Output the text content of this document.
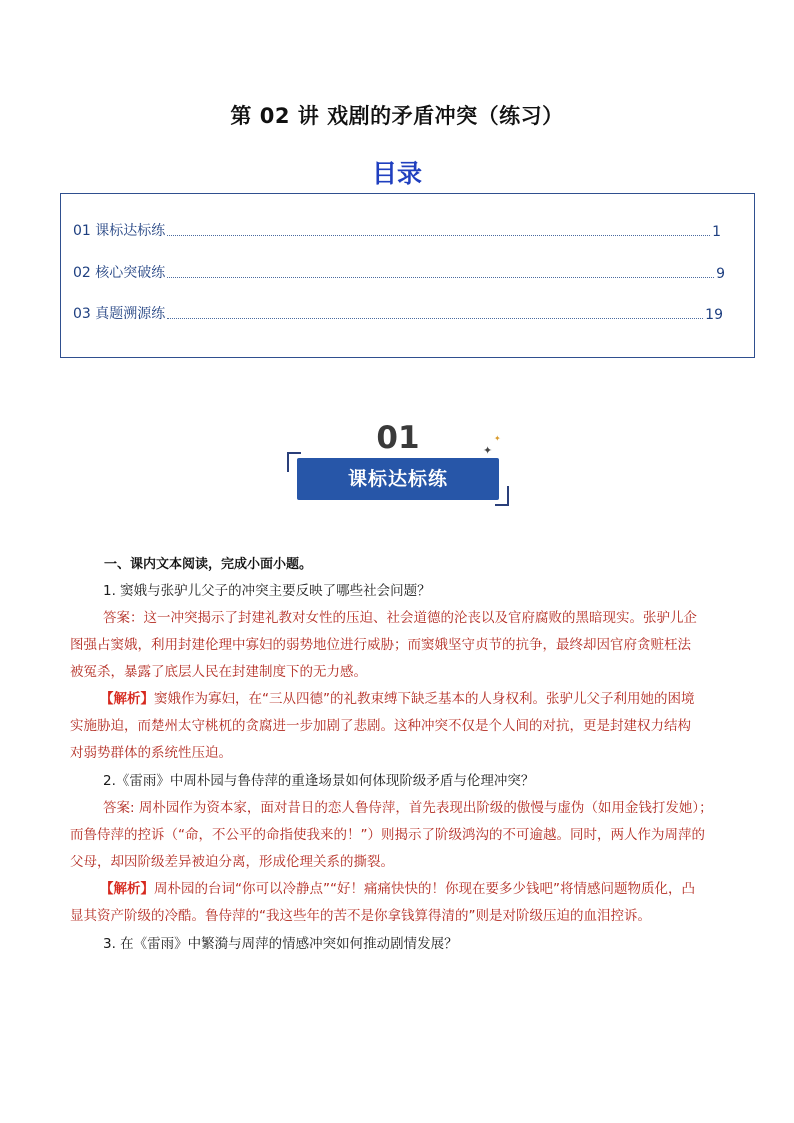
第 02 讲 戏剧的矛盾冲突（练习）
目录
01 课标达标练	1
02 核心突破练	9
03 真题溯源练	19
01
课标达标练
✦
✦
一、课内文本阅读，完成小面小题。
1. 窦娥与张驴儿父子的冲突主要反映了哪些社会问题？
答案：这一冲突揭示了封建礼教对女性的压迫、社会道德的沦丧以及官府腐败的黑暗现实。张驴儿企
图强占窦娥，利用封建伦理中寡妇的弱势地位进行威胁；而窦娥坚守贞节的抗争，最终却因官府贪赃枉法
被冤杀，暴露了底层人民在封建制度下的无力感。
【解析】窦娥作为寡妇，在“三从四德”的礼教束缚下缺乏基本的人身权利。张驴儿父子利用她的困境
实施胁迫，而楚州太守桃杌的贪腐进一步加剧了悲剧。这种冲突不仅是个人间的对抗，更是封建权力结构
对弱势群体的系统性压迫。
2.《雷雨》中周朴园与鲁侍萍的重逢场景如何体现阶级矛盾与伦理冲突？
答案: 周朴园作为资本家，面对昔日的恋人鲁侍萍，首先表现出阶级的傲慢与虚伪（如用金钱打发她）；
而鲁侍萍的控诉（“命，不公平的命指使我来的！”）则揭示了阶级鸿沟的不可逾越。同时，两人作为周萍的
父母，却因阶级差异被迫分离，形成伦理关系的撕裂。
【解析】周朴园的台词“你可以冷静点”“好！痛痛快快的！你现在要多少钱吧”将情感问题物质化，凸
显其资产阶级的冷酷。鲁侍萍的“我这些年的苦不是你拿钱算得清的”则是对阶级压迫的血泪控诉。
3. 在《雷雨》中繁漪与周萍的情感冲突如何推动剧情发展？
